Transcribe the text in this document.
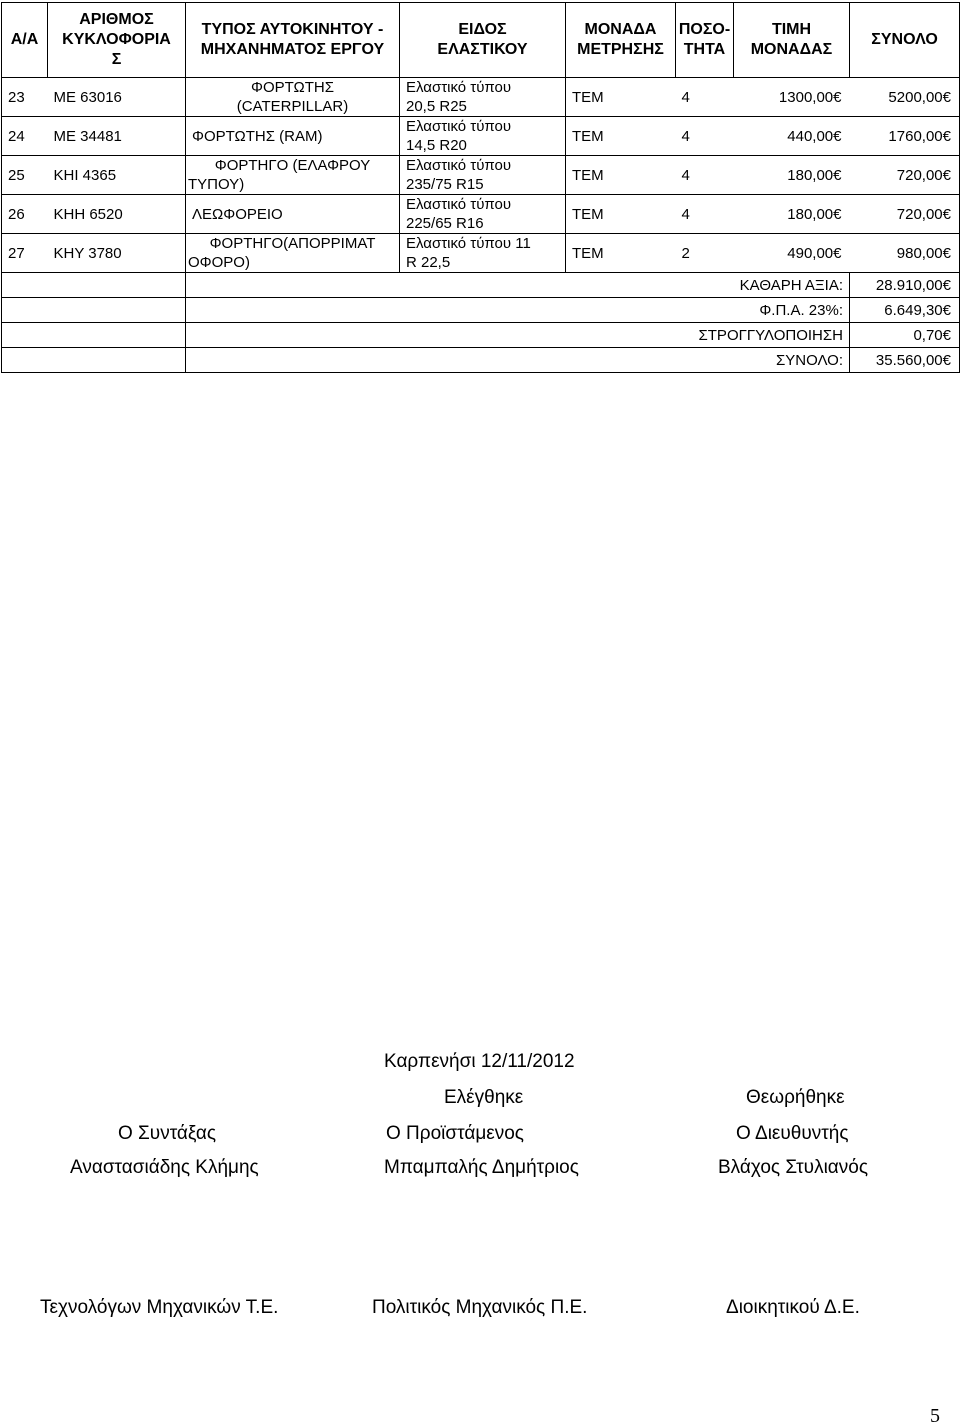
Α/Α	ΑΡΙΘΜΟΣ
ΚΥΚΛΟΦΟΡΙΑ
Σ	ΤΥΠΟΣ ΑΥΤΟΚΙΝΗΤΟΥ -
ΜΗΧΑΝΗΜΑΤΟΣ ΕΡΓΟΥ	ΕΙΔΟΣ
ΕΛΑΣΤΙΚΟΥ	ΜΟΝΑΔΑ
ΜΕΤΡΗΣΗΣ	ΠΟΣΟ-
ΤΗΤΑ	ΤΙΜΗ
ΜΟΝΑΔΑΣ	ΣΥΝΟΛΟ
23	ΜΕ 63016	ΦΟΡΤΩΤΗΣ
(CATERPILLAR)	Ελαστικό τύπου
20,5 R25	ΤΕΜ	4	1300,00€	5200,00€
24	ΜΕ 34481	ΦΟΡΤΩΤΗΣ (RAM)	Ελαστικό τύπου
14,5 R20	ΤΕΜ	4	440,00€	1760,00€
25	ΚΗΙ 4365	ΦΟΡΤΗΓΟ (ΕΛΑΦΡΟΥ
ΤΥΠΟΥ)	Ελαστικό τύπου
235/75 R15	ΤΕΜ	4	180,00€	720,00€
26	ΚΗΗ 6520	ΛΕΩΦΟΡΕΙΟ	Ελαστικό τύπου
225/65 R16	ΤΕΜ	4	180,00€	720,00€
27	ΚΗΥ 3780	ΦΟΡΤΗΓΟ(ΑΠΟΡΡΙΜΑΤ
ΟΦΟΡΟ)	Ελαστικό τύπου 11
R 22,5	ΤΕΜ	2	490,00€	980,00€
					ΚΑΘΑΡΗ ΑΞΙΑ:		28.910,00€
					Φ.Π.Α. 23%:		6.649,30€
				ΣΤΡΟΓΓΥΛΟΠΟΙΗΣΗ			0,70€
					ΣΥΝΟΛΟ:		35.560,00€
Καρπενήσι 12/11/2012
Ελέγθηκε	Θεωρήθηκε
Ο Συντάξας	Ο Προϊστάμενος	Ο Διευθυντής
Αναστασιάδης Κλήμης	Μπαμπαλής Δημήτριος	Βλάχος Στυλιανός
Τεχνολόγων Μηχανικών Τ.Ε.	Πολιτικός Μηχανικός Π.Ε.	Διοικητικού Δ.Ε.
5
